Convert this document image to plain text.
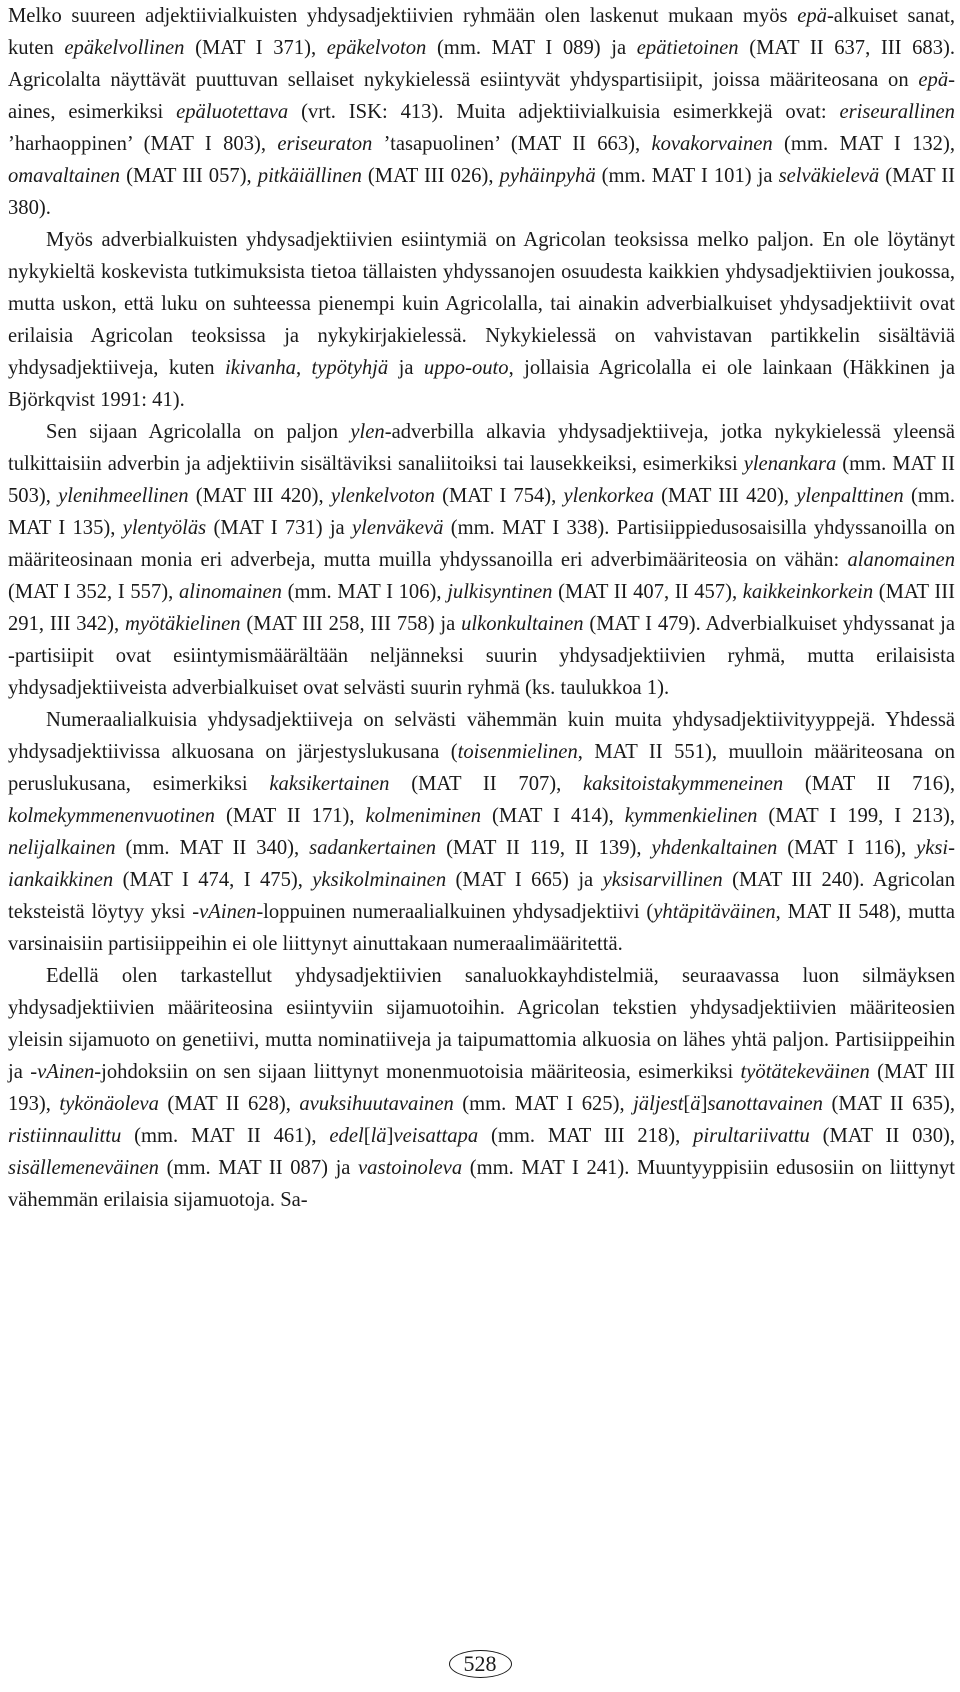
Melko suureen adjektiivialkuisten yhdysadjektiivien ryhmään olen laskenut mukaan myös epä-alkuiset sanat, kuten epäkelvollinen (MAT I 371), epäkelvoton (mm. MAT I 089) ja epätietoinen (MAT II 637, III 683). Agricolalta näyttävät puuttuvan sellaiset nykykielessä esiintyvät yhdyspartisiipit, joissa määriteosana on epä-aines, esimerkiksi epäluotettava (vrt. ISK: 413). Muita adjektiivialkuisia esimerkkejä ovat: eriseurallinen ’harhaoppinen’ (MAT I 803), eriseuraton ’tasapuolinen’ (MAT II 663), kovakorvainen (mm. MAT I 132), omavaltainen (MAT III 057), pitkäiällinen (MAT III 026), pyhäinpyhä (mm. MAT I 101) ja selväkielevä (MAT II 380).

Myös adverbialkuisten yhdysadjektiivien esiintymiä on Agricolan teoksissa melko paljon. En ole löytänyt nykykieltä koskevista tutkimuksista tietoa tällaisten yhdyssanojen osuudesta kaikkien yhdysadjektiivien joukossa, mutta uskon, että luku on suhteessa pienempi kuin Agricolalla, tai ainakin adverbialkuiset yhdysadjektiivit ovat erilaisia Agricolan teoksissa ja nykykirjakielessä. Nykykielessä on vahvistavan partikkelin sisältäviä yhdysadjektiiveja, kuten ikivanha, typötyhjä ja uppo-outo, jollaisia Agricolalla ei ole lainkaan (Häkkinen ja Björkqvist 1991: 41).

Sen sijaan Agricolalla on paljon ylen-adverbilla alkavia yhdysadjektiiveja, jotka nykykielessä yleensä tulkittaisiin adverbin ja adjektiivin sisältäviksi sanaliitoiksi tai lausekkeiksi, esimerkiksi ylenankara (mm. MAT II 503), ylenihmeellinen (MAT III 420), ylenkelvoton (MAT I 754), ylenkorkea (MAT III 420), ylenpalttinen (mm. MAT I 135), ylentyöläs (MAT I 731) ja ylenväkevä (mm. MAT I 338). Partisiippiedusosaisilla yhdyssanoilla on määriteosinaan monia eri adverbeja, mutta muilla yhdyssanoilla eri adverbimääriteosia on vähän: alanomainen (MAT I 352, I 557), alinomainen (mm. MAT I 106), julkisyntinen (MAT II 407, II 457), kaikkeinkorkein (MAT III 291, III 342), myötäkielinen (MAT III 258, III 758) ja ulkonkultainen (MAT I 479). Adverbialkuiset yhdyssanat ja -partisiipit ovat esiintymismäärältään neljänneksi suurin yhdysadjektiivien ryhmä, mutta erilaisista yhdysadjektiiveista adverbialkuiset ovat selvästi suurin ryhmä (ks. taulukkoa 1).

Numeraalialkuisia yhdysadjektiiveja on selvästi vähemmän kuin muita yhdysadjektiivityyppejä. Yhdessä yhdysadjektiivissa alkuosana on järjestyslukusana (toisenmielinen, MAT II 551), muulloin määriteosana on peruslukusana, esimerkiksi kaksikertainen (MAT II 707), kaksitoistakymmeneinen (MAT II 716), kolmekymmenenvuotinen (MAT II 171), kolmeniminen (MAT I 414), kymmenkielinen (MAT I 199, I 213), nelijalkainen (mm. MAT II 340), sadankertainen (MAT II 119, II 139), yhdenkaltainen (MAT I 116), yksi-iankaikkinen (MAT I 474, I 475), yksikolminainen (MAT I 665) ja yksisarvillinen (MAT III 240). Agricolan teksteistä löytyy yksi -vAinen-loppuinen numeraalialkuinen yhdysadjektiivi (yhtäpitäväinen, MAT II 548), mutta varsinaisiin partisiippeihin ei ole liittynyt ainuttakaan numeraalimääritettä.

Edellä olen tarkastellut yhdysadjektiivien sanaluokkayhdistelmiä, seuraavassa luon silmäyksen yhdysadjektiivien määriteosina esiintyviin sijamuotoihin. Agricolan tekstien yhdysadjektiivien määriteosien yleisin sijamuoto on genetiivi, mutta nominatiiveja ja taipumattomia alkuosia on lähes yhtä paljon. Partisiippeihin ja -vAinen-johdoksiin on sen sijaan liittynyt monenmuotoisia määriteosia, esimerkiksi työtätekeväinen (MAT III 193), tykönäoleva (MAT II 628), avuksihuutavainen (mm. MAT I 625), jäljest[ä]sanottavainen (MAT II 635), ristiinnaulittu (mm. MAT II 461), edel[lä]veisattapa (mm. MAT III 218), pirultariivattu (MAT II 030), sisällemeneväinen (mm. MAT II 087) ja vastoinoleva (mm. MAT I 241). Muuntyyppisiin edusosiin on liittynyt vähemmän erilaisia sijamuotoja. Sa-

528
